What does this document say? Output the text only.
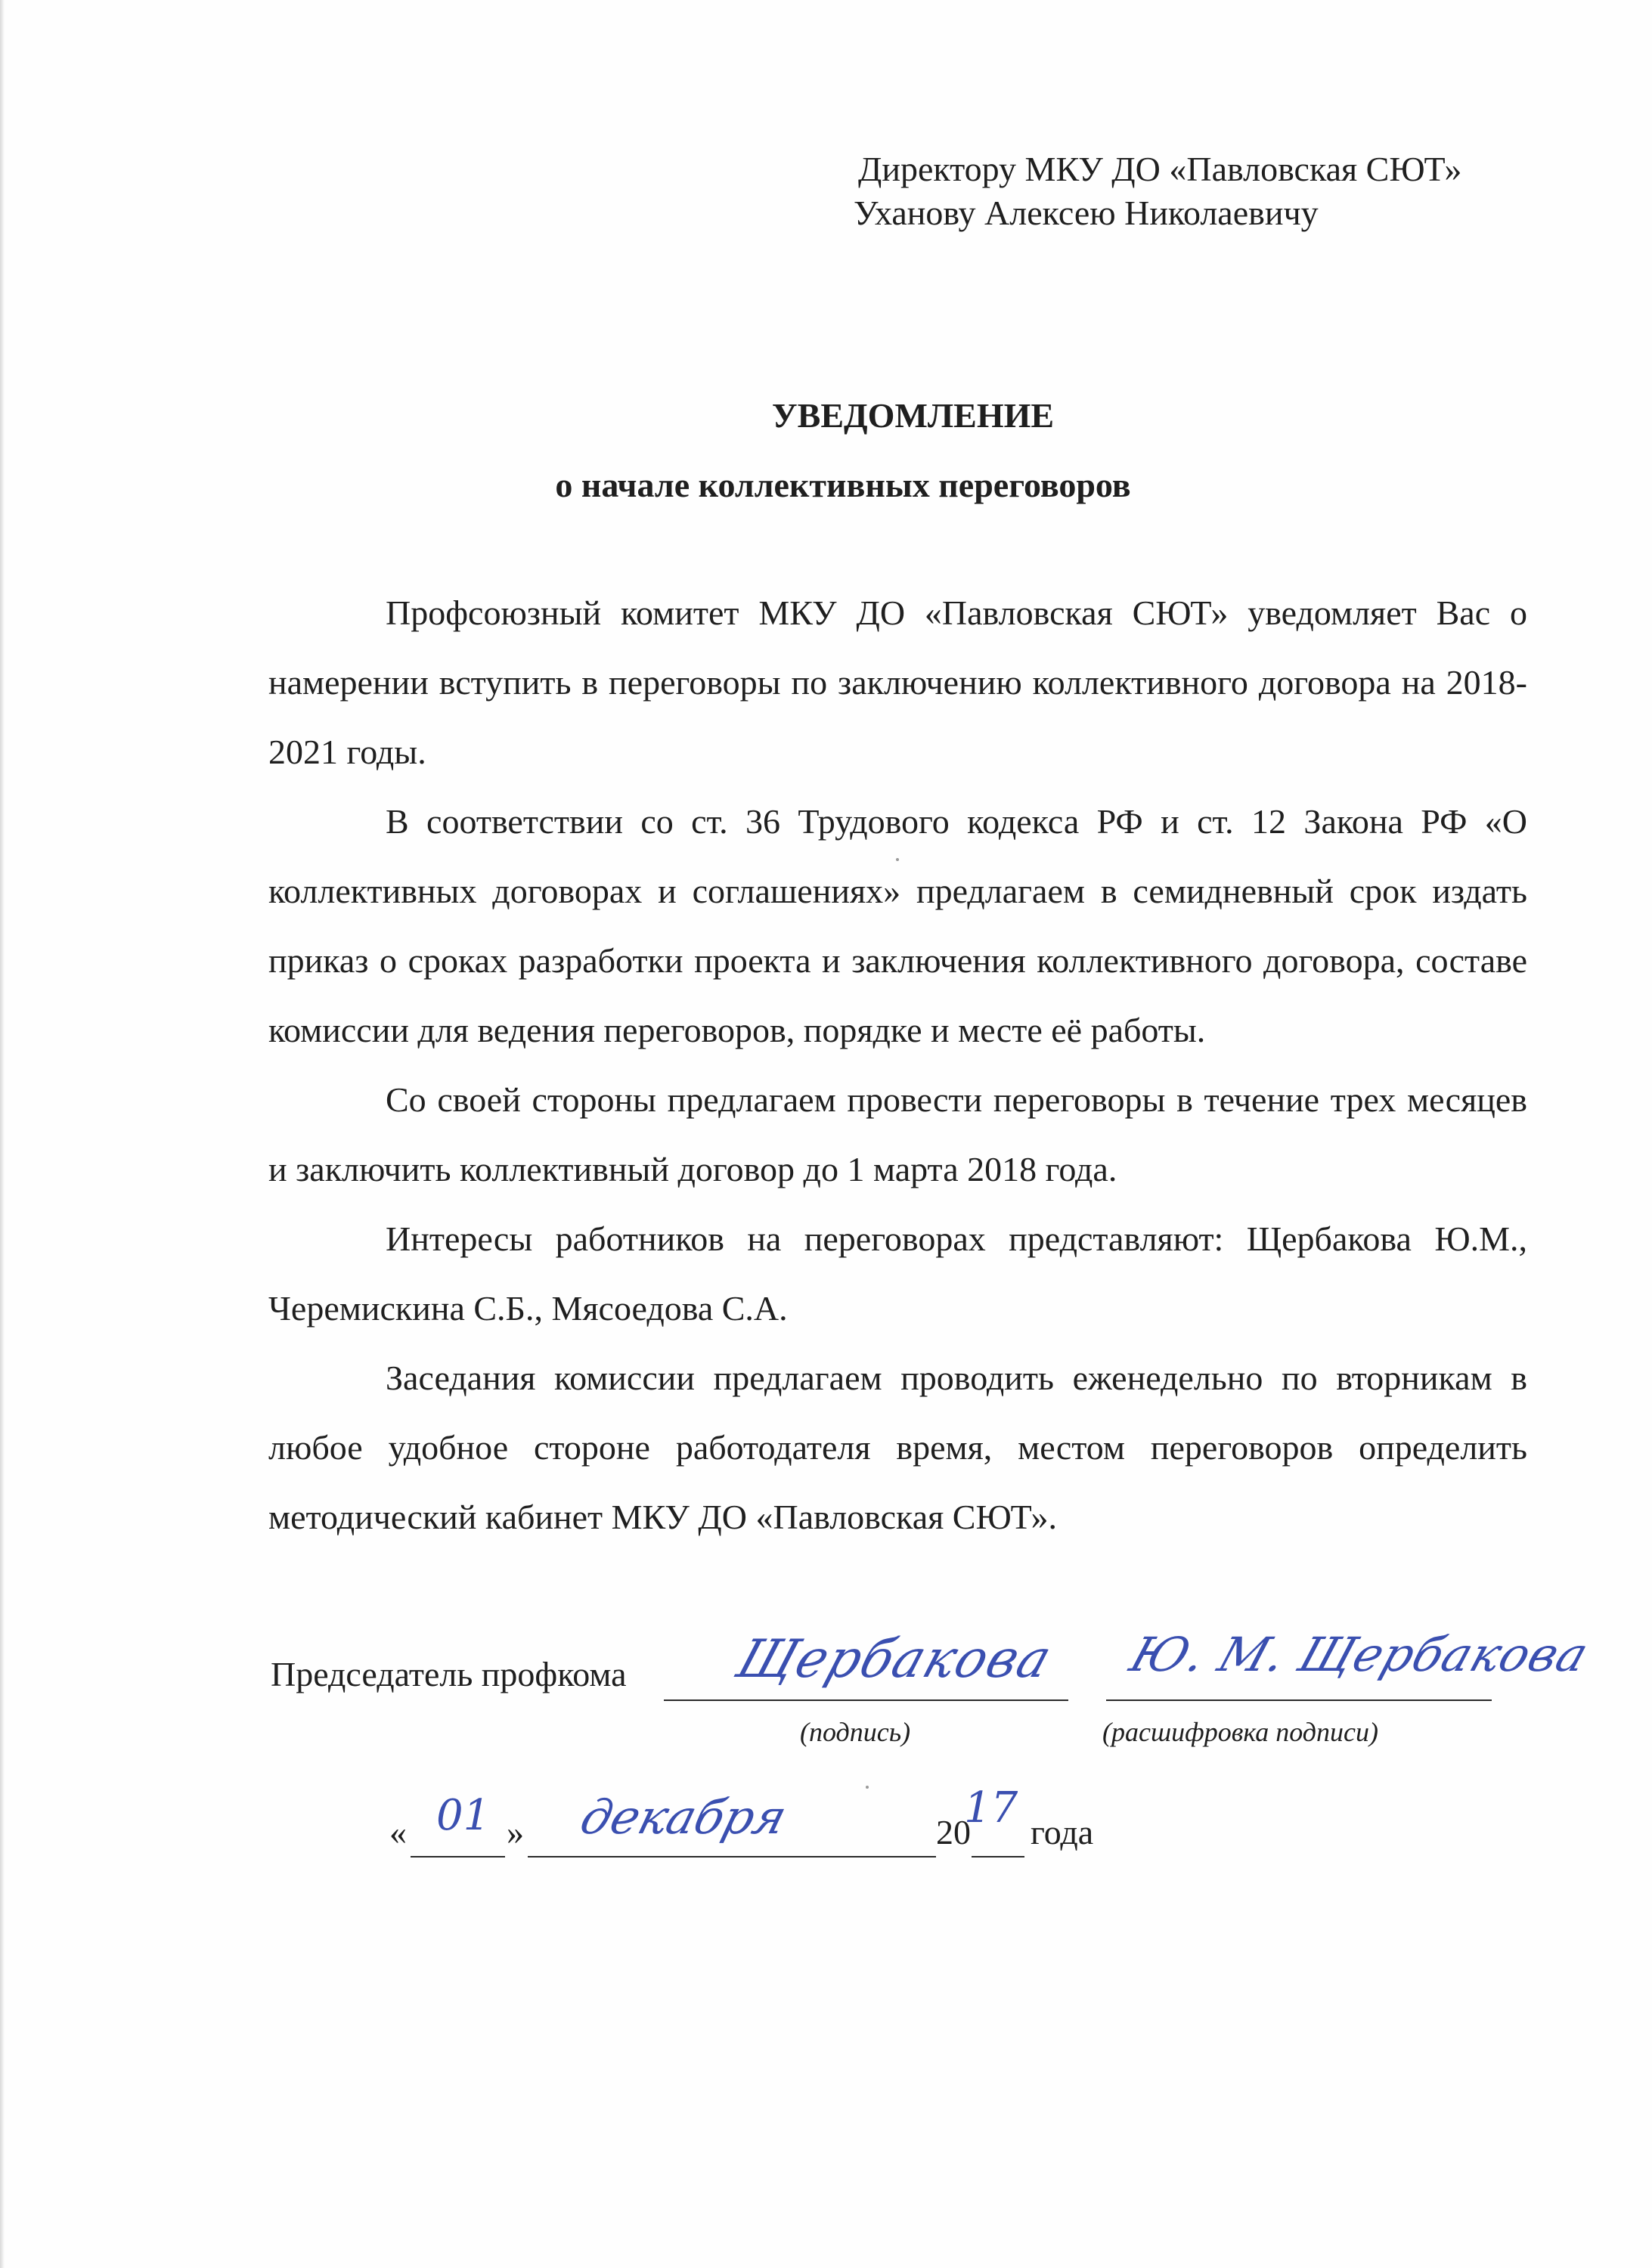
Директору МКУ ДО «Павловская СЮТ»
Уханову Алексею Николаевичу
УВЕДОМЛЕНИЕ
о начале коллективных переговоров

Профсоюзный комитет МКУ ДО «Павловская СЮТ» уведомляет Вас о намерении вступить в переговоры по заключению коллективного договора на 2018-2021 годы.

В соответствии со ст. 36 Трудового кодекса РФ и ст. 12 Закона РФ «О коллективных договорах и соглашениях» предлагаем в семидневный срок издать приказ о сроках разработки проекта и заключения коллективного договора, составе комиссии для ведения переговоров, порядке и месте её работы.

Со своей стороны предлагаем провести переговоры в течение трех месяцев и заключить коллективный договор до 1 марта 2018 года.

Интересы работников на переговорах представляют: Щербакова Ю.М., Черемискина С.Б., Мясоедова С.А.

Заседания комиссии предлагаем проводить еженедельно по вторникам в любое удобное стороне работодателя время, местом переговоров определить методический кабинет МКУ ДО «Павловская СЮТ».

Председатель профкома Щербакова Ю. М. Щербакова
(подпись)	(расшифровка подписи)
«	»	20 года
01 декабря	17
